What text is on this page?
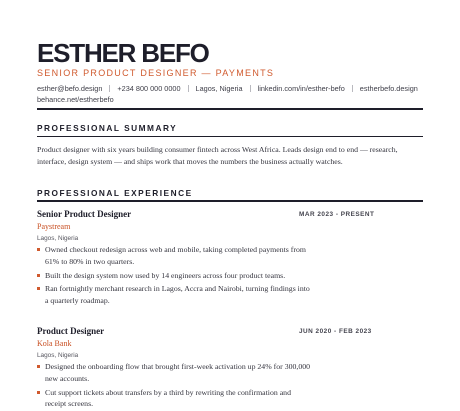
ESTHER BEFO
SENIOR PRODUCT DESIGNER — PAYMENTS
esther@befo.design +234 800 000 0000 Lagos, Nigeria linkedin.com/in/esther-befo estherbefo.design
behance.net/estherbefo
PROFESSIONAL SUMMARY
Product designer with six years building consumer fintech across West Africa. Leads design end to end — research, interface, design system — and ships work that moves the numbers the business actually watches.
PROFESSIONAL EXPERIENCE
Senior Product Designer	MAR 2023 - PRESENT
Paystream
Lagos, Nigeria
Owned checkout redesign across web and mobile, taking completed payments from 61% to 80% in two quarters.
Built the design system now used by 14 engineers across four product teams.
Ran fortnightly merchant research in Lagos, Accra and Nairobi, turning findings into a quarterly roadmap.
Product Designer	JUN 2020 - FEB 2023
Kola Bank
Lagos, Nigeria
Designed the onboarding flow that brought first-week activation up 24% for 300,000 new accounts.
Cut support tickets about transfers by a third by rewriting the confirmation and receipt screens.
